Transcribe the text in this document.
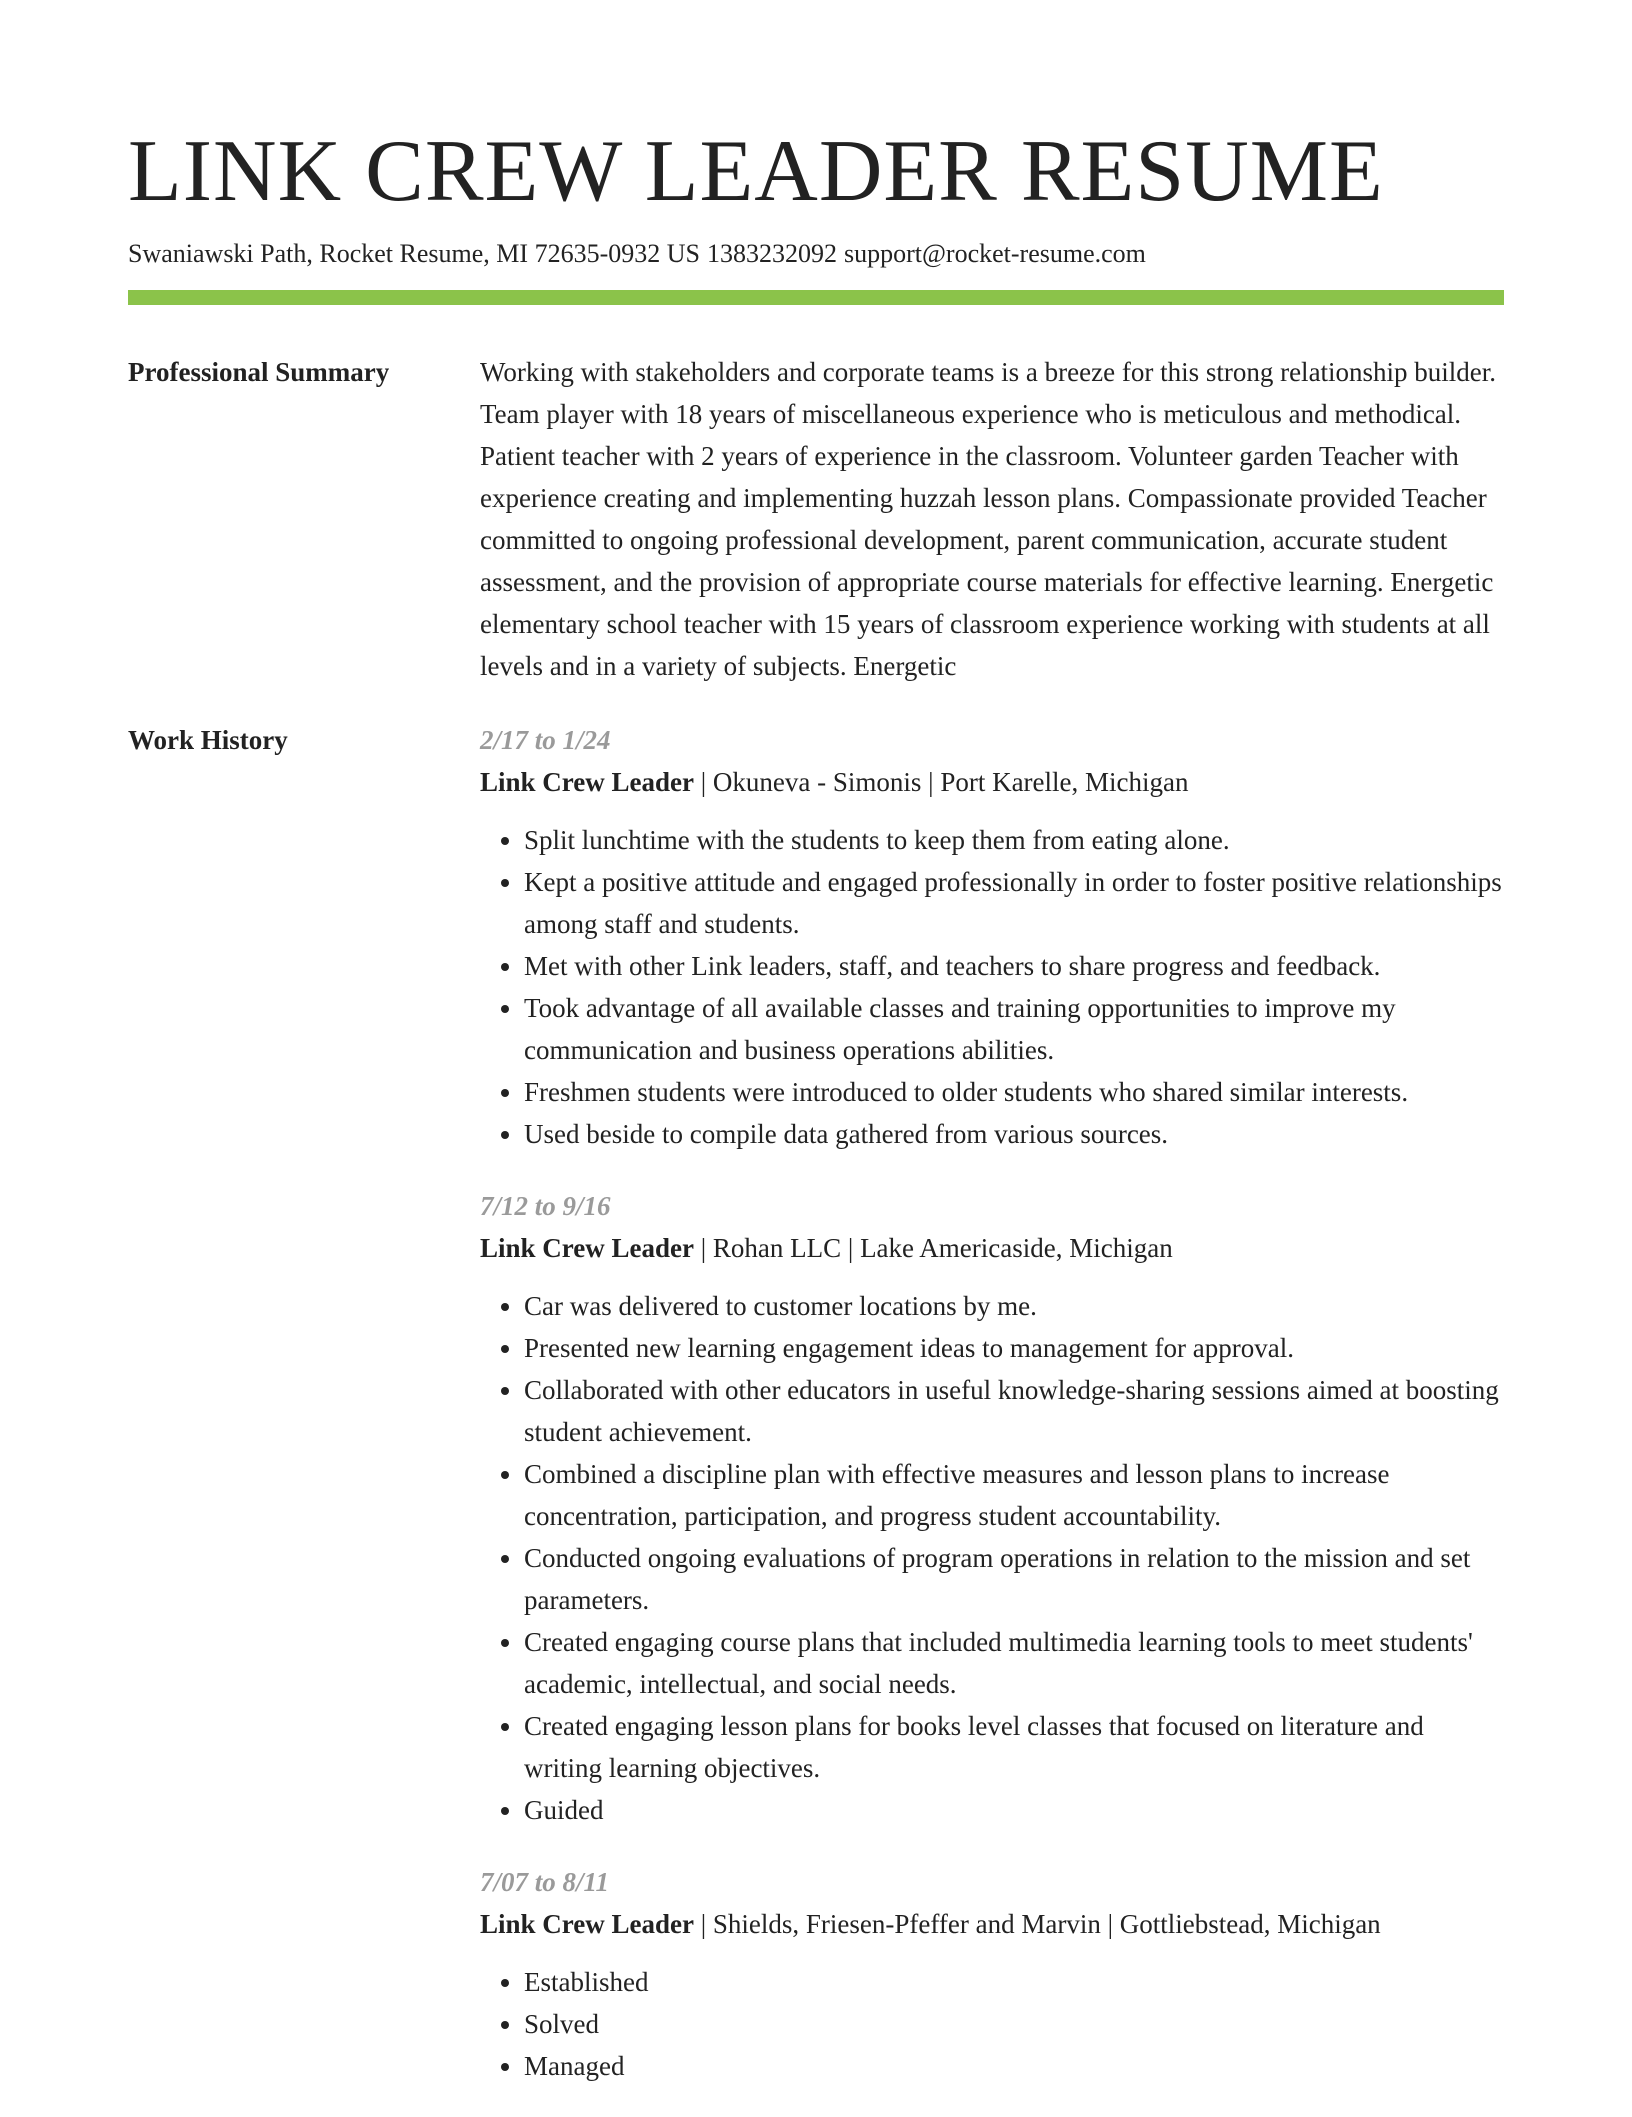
LINK CREW LEADER RESUME
Swaniawski Path, Rocket Resume, MI 72635-0932 US 1383232092 support@rocket-resume.com
Professional Summary	Working with stakeholders and corporate teams is a breeze for this strong relationship builder. Team player with 18 years of miscellaneous experience who is meticulous and methodical. Patient teacher with 2 years of experience in the classroom. Volunteer garden Teacher with experience creating and implementing huzzah lesson plans. Compassionate provided Teacher committed to ongoing professional development, parent communication, accurate student assessment, and the provision of appropriate course materials for effective learning. Energetic elementary school teacher with 15 years of classroom experience working with students at all levels and in a variety of subjects. Energetic

Work History	2/17 to 1/24
Link Crew Leader | Okuneva - Simonis | Port Karelle, Michigan
• Split lunchtime with the students to keep them from eating alone.
• Kept a positive attitude and engaged professionally in order to foster positive relationships among staff and students.
• Met with other Link leaders, staff, and teachers to share progress and feedback.
• Took advantage of all available classes and training opportunities to improve my communication and business operations abilities.
• Freshmen students were introduced to older students who shared similar interests.
• Used beside to compile data gathered from various sources.
7/12 to 9/16
Link Crew Leader | Rohan LLC | Lake Americaside, Michigan
• Car was delivered to customer locations by me.
• Presented new learning engagement ideas to management for approval.
• Collaborated with other educators in useful knowledge-sharing sessions aimed at boosting student achievement.
• Combined a discipline plan with effective measures and lesson plans to increase concentration, participation, and progress student accountability.
• Conducted ongoing evaluations of program operations in relation to the mission and set parameters.
• Created engaging course plans that included multimedia learning tools to meet students' academic, intellectual, and social needs.
• Created engaging lesson plans for books level classes that focused on literature and writing learning objectives.
• Guided
7/07 to 8/11
Link Crew Leader | Shields, Friesen-Pfeffer and Marvin | Gottliebstead, Michigan
• Established
• Solved
• Managed
